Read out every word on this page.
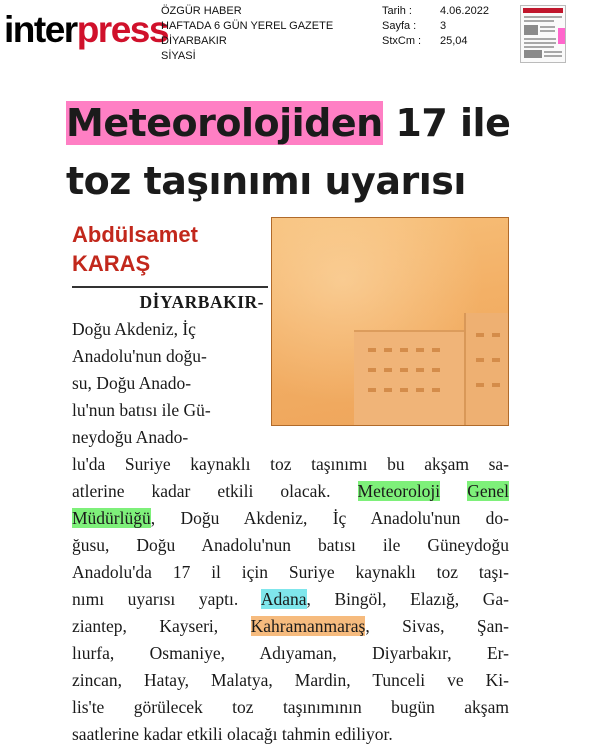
interpress
ÖZGÜR HABER
HAFTADA 6 GÜN YEREL GAZETE
DİYARBAKIR
SİYASİ
Tarih :	4.06.2022
Sayfa :	3
StxCm :	25,04
Meteorolojiden 17 ile
toz taşınımı uyarısı
Abdülsamet
KARAŞ
DİYARBAKIR-
Doğu Akdeniz, İç
Anadolu'nun doğu-
su, Doğu Anado-
lu'nun batısı ile Gü-
neydoğu Anado-
lu'da Suriye kaynaklı toz taşınımı bu akşam sa-
atlerine kadar etkili olacak. Meteoroloji Genel
Müdürlüğü, Doğu Akdeniz, İç Anadolu'nun do-
ğusu, Doğu Anadolu'nun batısı ile Güneydoğu
Anadolu'da 17 il için Suriye kaynaklı toz taşı-
nımı uyarısı yaptı. Adana, Bingöl, Elazığ, Ga-
ziantep, Kayseri, Kahramanmaraş, Sivas, Şan-
lıurfa, Osmaniye, Adıyaman, Diyarbakır, Er-
zincan, Hatay, Malatya, Mardin, Tunceli ve Ki-
lis'te görülecek toz taşınımının bugün akşam
saatlerine kadar etkili olacağı tahmin ediliyor.
